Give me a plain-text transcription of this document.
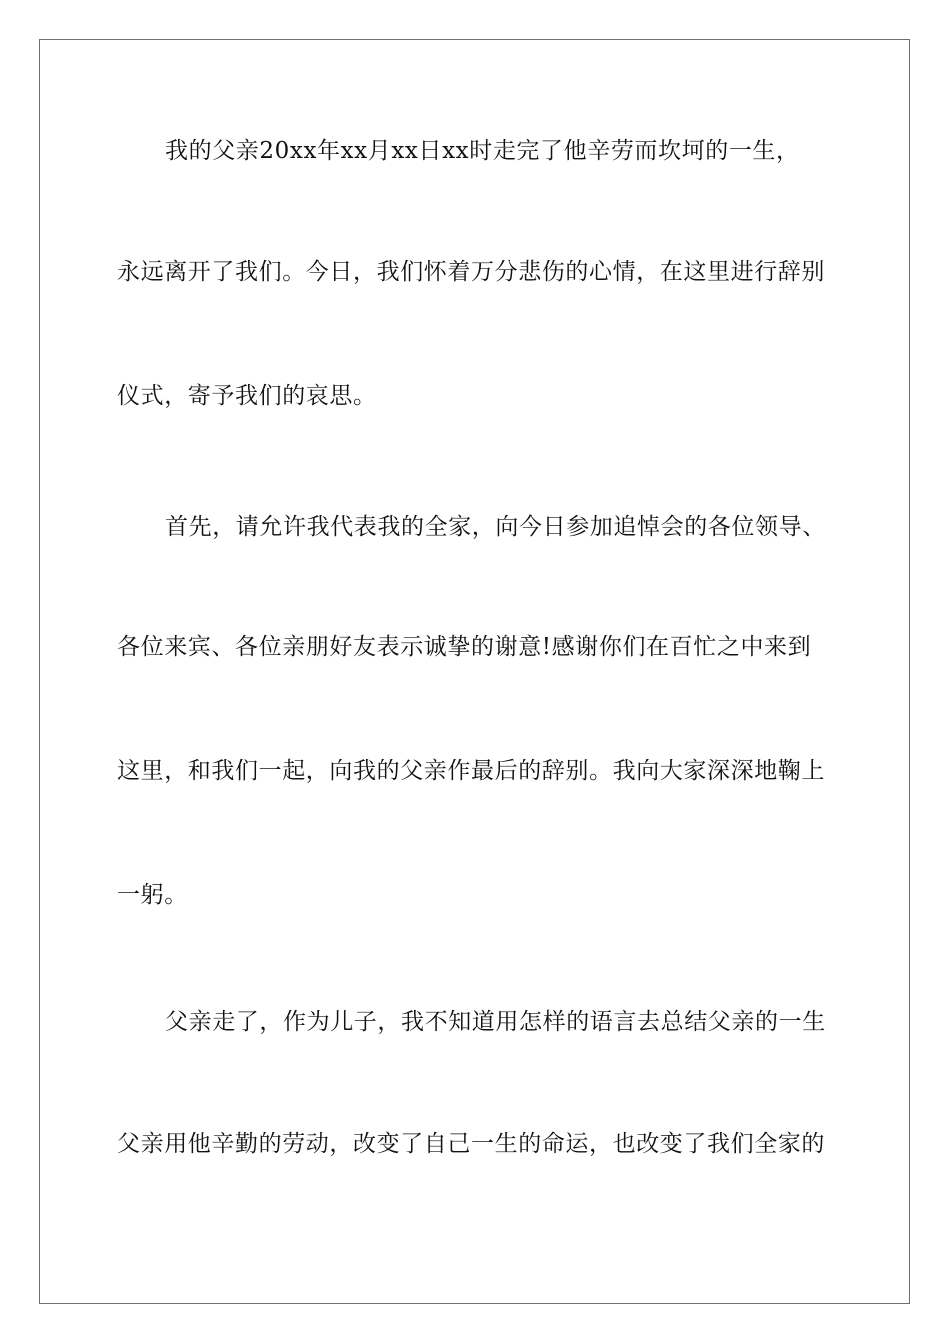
我的父亲20xx年xx月xx日xx时走完了他辛劳而坎坷的一生，
永远离开了我们。今日，我们怀着万分悲伤的心情，在这里进行辞别
仪式，寄予我们的哀思。
首先，请允许我代表我的全家，向今日参加追悼会的各位领导、
各位来宾、各位亲朋好友表示诚挚的谢意!感谢你们在百忙之中来到
这里，和我们一起，向我的父亲作最后的辞别。我向大家深深地鞠上
一躬。
父亲走了，作为儿子，我不知道用怎样的语言去总结父亲的一生
父亲用他辛勤的劳动，改变了自己一生的命运，也改变了我们全家的
